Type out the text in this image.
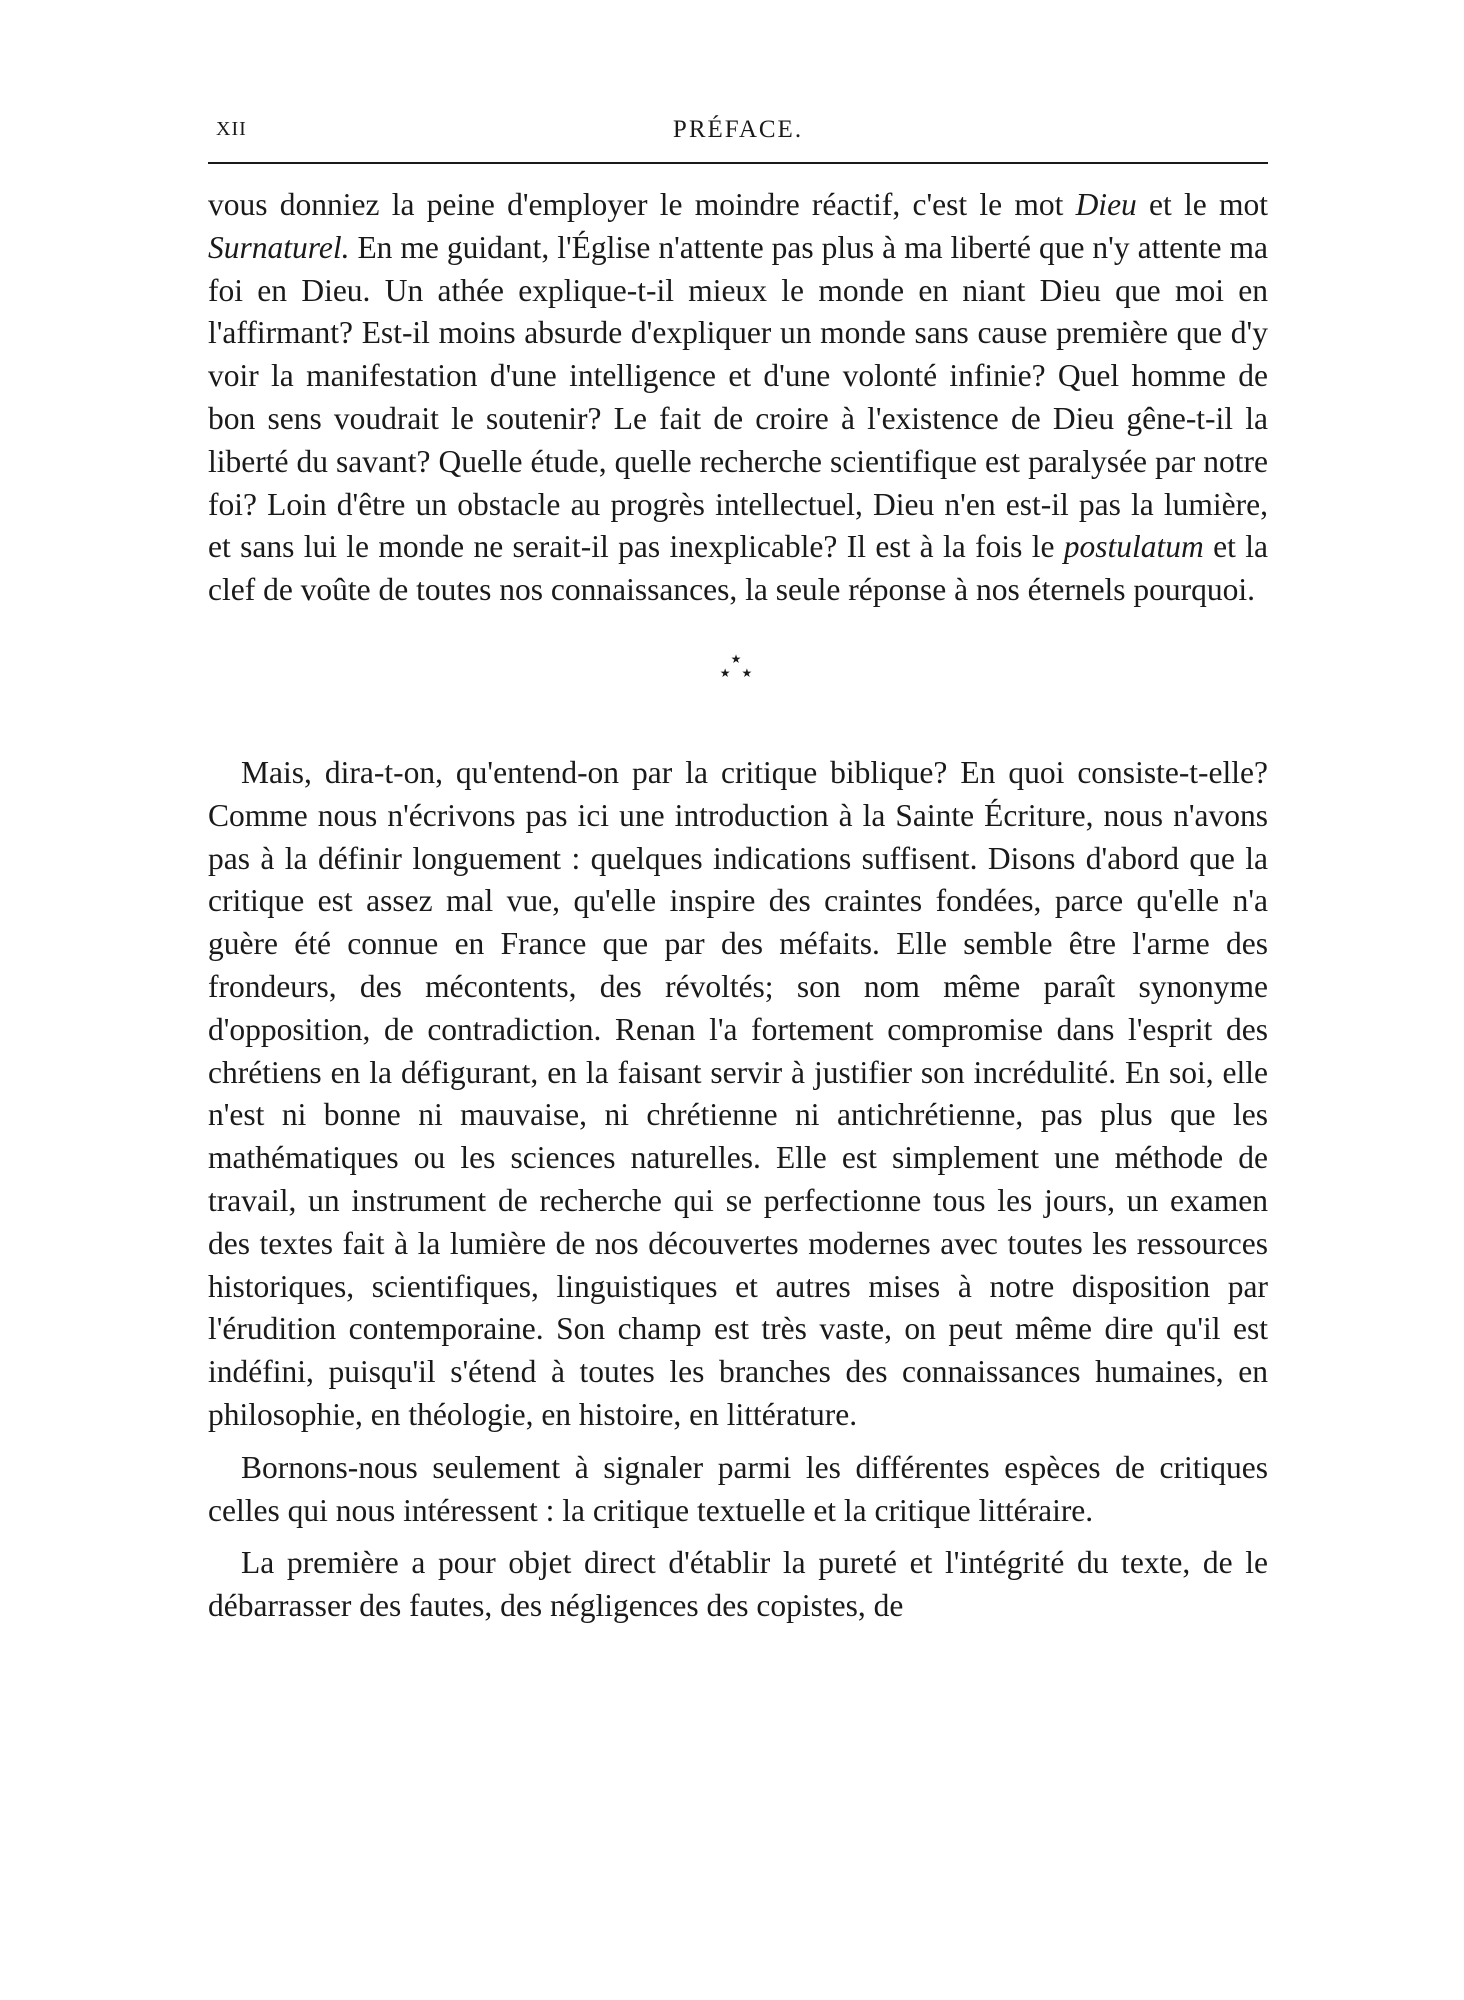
XII	PRÉFACE.

vous donniez la peine d'employer le moindre réactif, c'est le mot Dieu et le mot Surnaturel. En me guidant, l'Église n'attente pas plus à ma liberté que n'y attente ma foi en Dieu. Un athée explique-t-il mieux le monde en niant Dieu que moi en l'affirmant? Est-il moins absurde d'expliquer un monde sans cause première que d'y voir la manifestation d'une intelligence et d'une volonté infinie? Quel homme de bon sens voudrait le soutenir? Le fait de croire à l'existence de Dieu gêne-t-il la liberté du savant? Quelle étude, quelle recherche scientifique est paralysée par notre foi? Loin d'être un obstacle au progrès intellectuel, Dieu n'en est-il pas la lumière, et sans lui le monde ne serait-il pas inexplicable? Il est à la fois le postulatum et la clef de voûte de toutes nos connaissances, la seule réponse à nos éternels pourquoi.

★
★ ★

Mais, dira-t-on, qu'entend-on par la critique biblique? En quoi consiste-t-elle? Comme nous n'écrivons pas ici une introduction à la Sainte Écriture, nous n'avons pas à la définir longuement : quelques indications suffisent. Disons d'abord que la critique est assez mal vue, qu'elle inspire des craintes fondées, parce qu'elle n'a guère été connue en France que par des méfaits. Elle semble être l'arme des frondeurs, des mécontents, des révoltés; son nom même paraît synonyme d'opposition, de contradiction. Renan l'a fortement compromise dans l'esprit des chrétiens en la défigurant, en la faisant servir à justifier son incrédulité. En soi, elle n'est ni bonne ni mauvaise, ni chrétienne ni antichrétienne, pas plus que les mathématiques ou les sciences naturelles. Elle est simplement une méthode de travail, un instrument de recherche qui se perfectionne tous les jours, un examen des textes fait à la lumière de nos découvertes modernes avec toutes les ressources historiques, scientifiques, linguistiques et autres mises à notre disposition par l'érudition contemporaine. Son champ est très vaste, on peut même dire qu'il est indéfini, puisqu'il s'étend à toutes les branches des connaissances humaines, en philosophie, en théologie, en histoire, en littérature.

Bornons-nous seulement à signaler parmi les différentes espèces de critiques celles qui nous intéressent : la critique textuelle et la critique littéraire.

La première a pour objet direct d'établir la pureté et l'intégrité du texte, de le débarrasser des fautes, des négligences des copistes, de
